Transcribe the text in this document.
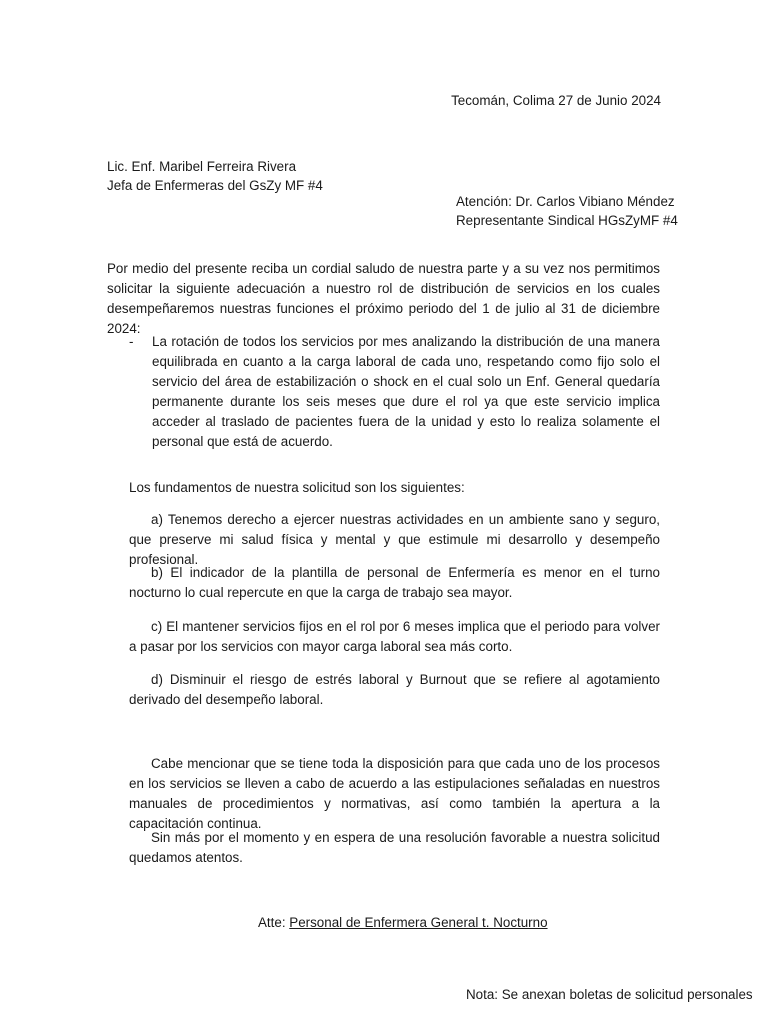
Tecomán, Colima 27 de Junio 2024
Lic. Enf. Maribel Ferreira Rivera
Jefa de Enfermeras del GsZy MF #4
Atención: Dr. Carlos Vibiano Méndez
Representante Sindical HGsZyMF #4
Por medio del presente reciba un cordial saludo de nuestra parte y a su vez nos permitimos solicitar la siguiente adecuación a nuestro rol de distribución de servicios en los cuales desempeñaremos nuestras funciones el próximo periodo del 1 de julio al 31 de diciembre 2024:
- La rotación de todos los servicios por mes analizando la distribución de una manera equilibrada en cuanto a la carga laboral de cada uno, respetando como fijo solo el servicio del área de estabilización o shock en el cual solo un Enf. General quedaría permanente durante los seis meses que dure el rol ya que este servicio implica acceder al traslado de pacientes fuera de la unidad y esto lo realiza solamente el personal que está de acuerdo.
Los fundamentos de nuestra solicitud son los siguientes:
a) Tenemos derecho a ejercer nuestras actividades en un ambiente sano y seguro, que preserve mi salud física y mental y que estimule mi desarrollo y desempeño profesional.
b) El indicador de la plantilla de personal de Enfermería es menor en el turno nocturno lo cual repercute en que la carga de trabajo sea mayor.
c) El mantener servicios fijos en el rol por 6 meses implica que el periodo para volver a pasar por los servicios con mayor carga laboral sea más corto.
d) Disminuir el riesgo de estrés laboral y Burnout que se refiere al agotamiento derivado del desempeño laboral.
Cabe mencionar que se tiene toda la disposición para que cada uno de los procesos en los servicios se lleven a cabo de acuerdo a las estipulaciones señaladas en nuestros manuales de procedimientos y normativas, así como también la apertura a la capacitación continua.
Sin más por el momento y en espera de una resolución favorable a nuestra solicitud quedamos atentos.
Atte: Personal de Enfermera General t. Nocturno
Nota: Se anexan boletas de solicitud personales
